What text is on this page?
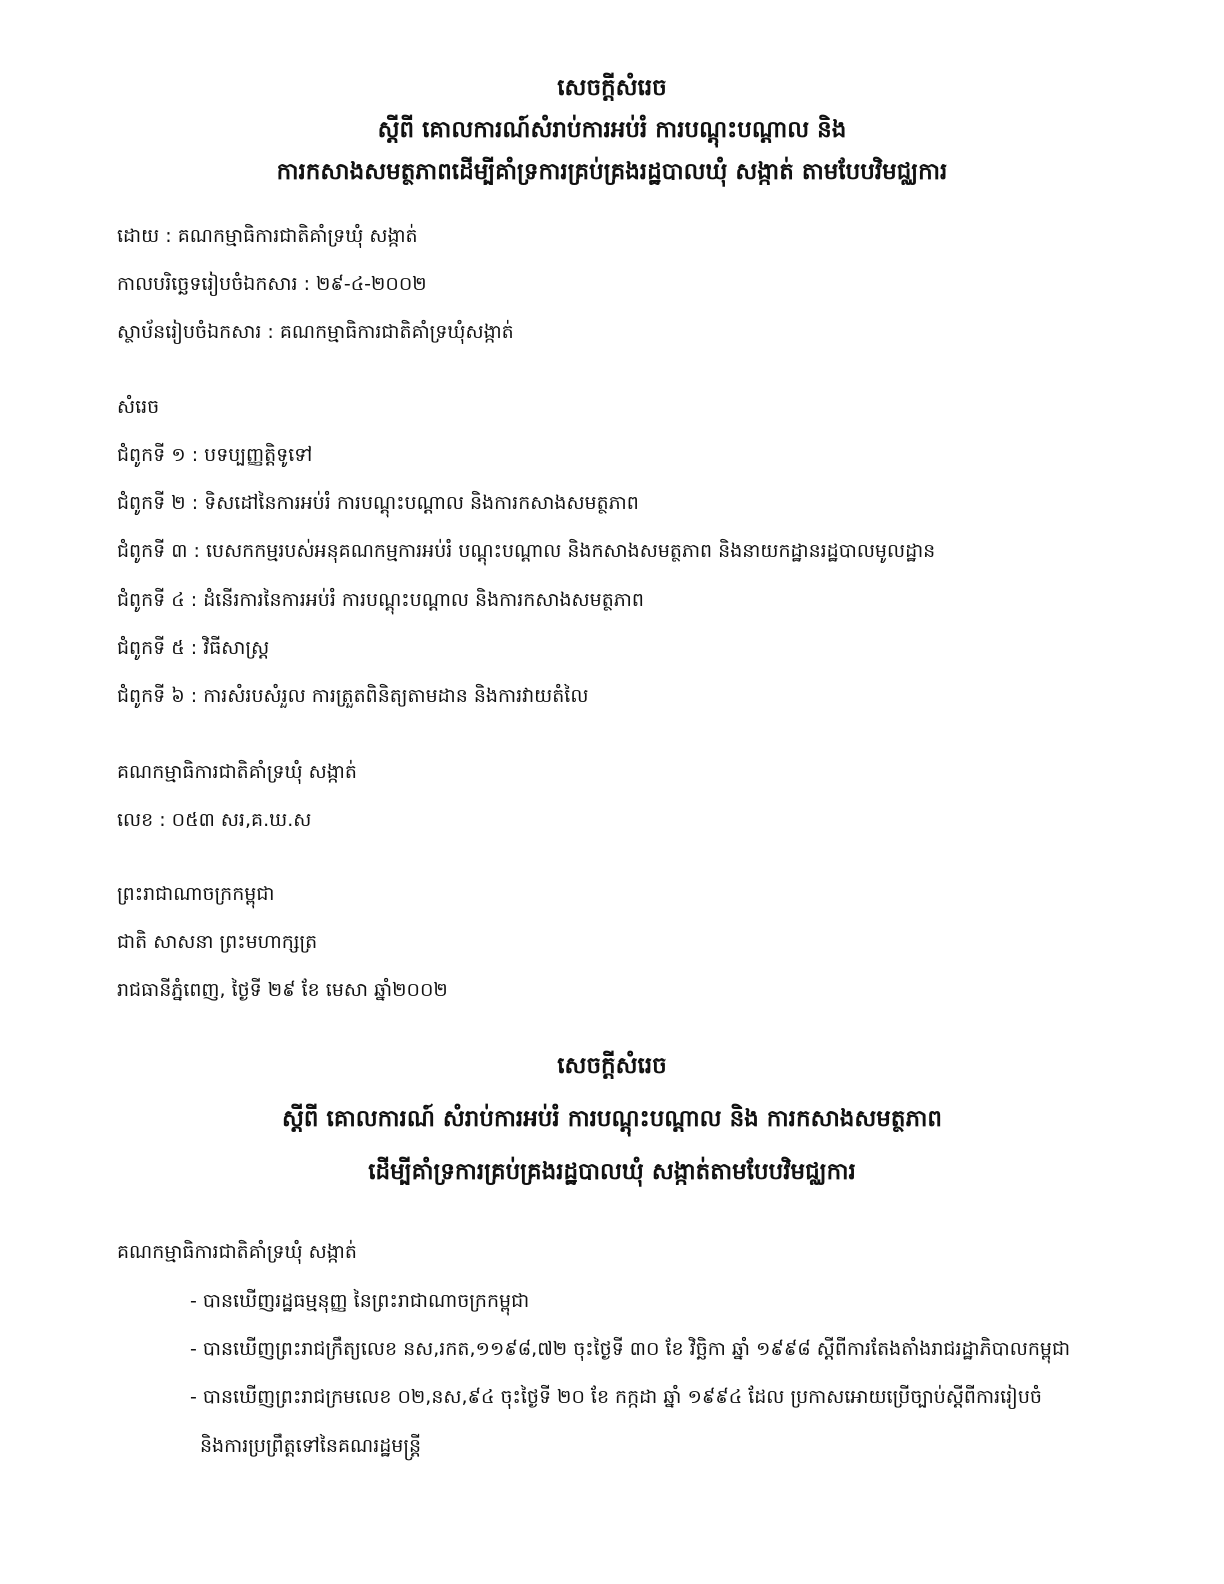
សេចក្តីសំរេច
ស្តីពី គោលការណ៍សំរាប់ការអប់រំ ការបណ្តុះបណ្តាល និង
ការកសាងសមត្ថភាពដើម្បីគាំទ្រការគ្រប់គ្រងរដ្ឋបាលឃុំ សង្កាត់ តាមបែបវិមជ្ឈការ
ដោយ : គណកម្មាធិការជាតិគាំទ្រឃុំ សង្កាត់
កាលបរិច្ឆេទរៀបចំឯកសារ : ២៩-៤-២០០២
ស្ថាប័នរៀបចំឯកសារ : គណកម្មាធិការជាតិគាំទ្រឃុំសង្កាត់
សំរេច
ជំពូកទី ១ : បទប្បញ្ញត្តិទូទៅ
ជំពូកទី ២ : ទិសដៅនៃការអប់រំ ការបណ្តុះបណ្តាល និងការកសាងសមត្ថភាព
ជំពូកទី ៣ : បេសកកម្មរបស់អនុគណកម្មការអប់រំ បណ្តុះបណ្តាល និងកសាងសមត្ថភាព និងនាយកដ្ឋានរដ្ឋបាលមូលដ្ឋាន
ជំពូកទី ៤ : ដំនើរការនៃការអប់រំ ការបណ្តុះបណ្តាល និងការកសាងសមត្ថភាព
ជំពូកទី ៥ : វិធីសាស្រ្ត
ជំពូកទី ៦ : ការសំរបសំរួល ការត្រួតពិនិត្យតាមដាន និងការវាយតំលៃ
គណកម្មាធិការជាតិគាំទ្រឃុំ សង្កាត់
លេខ : ០៥៣ សរ,គ.ឃ.ស
ព្រះរាជាណាចក្រកម្ពុជា
ជាតិ សាសនា ព្រះមហាក្សត្រ
រាជធានីភ្នំពេញ, ថ្ងៃទី ២៩ ខែ មេសា ឆ្នាំ២០០២
សេចក្តីសំរេច
ស្តីពី គោលការណ៍ សំរាប់ការអប់រំ ការបណ្តុះបណ្តាល និង ការកសាងសមត្ថភាព
ដើម្បីគាំទ្រការគ្រប់គ្រងរដ្ឋបាលឃុំ សង្កាត់តាមបែបវិមជ្ឈការ
គណកម្មាធិការជាតិគាំទ្រឃុំ សង្កាត់
- បានឃើញរដ្ឋធម្មនុញ្ញ នៃព្រះរាជាណាចក្រកម្ពុជា
- បានឃើញព្រះរាជក្រឹត្យលេខ នស,រកត,១១៩៨,៧២ ចុះថ្ងៃទី ៣០ ខែ វិច្ឆិកា ឆ្នាំ ១៩៩៨ ស្តីពីការតែងតាំងរាជរដ្ឋាភិបាលកម្ពុជា
- បានឃើញព្រះរាជក្រមលេខ ០២,នស,៩៤ ចុះថ្ងៃទី ២០ ខែ កក្កដា ឆ្នាំ ១៩៩៤ ដែល ប្រកាសអោយប្រើច្បាប់ស្តីពីការរៀបចំ
និងការប្រព្រឹត្តទៅនៃគណរដ្ឋមន្រ្តី
